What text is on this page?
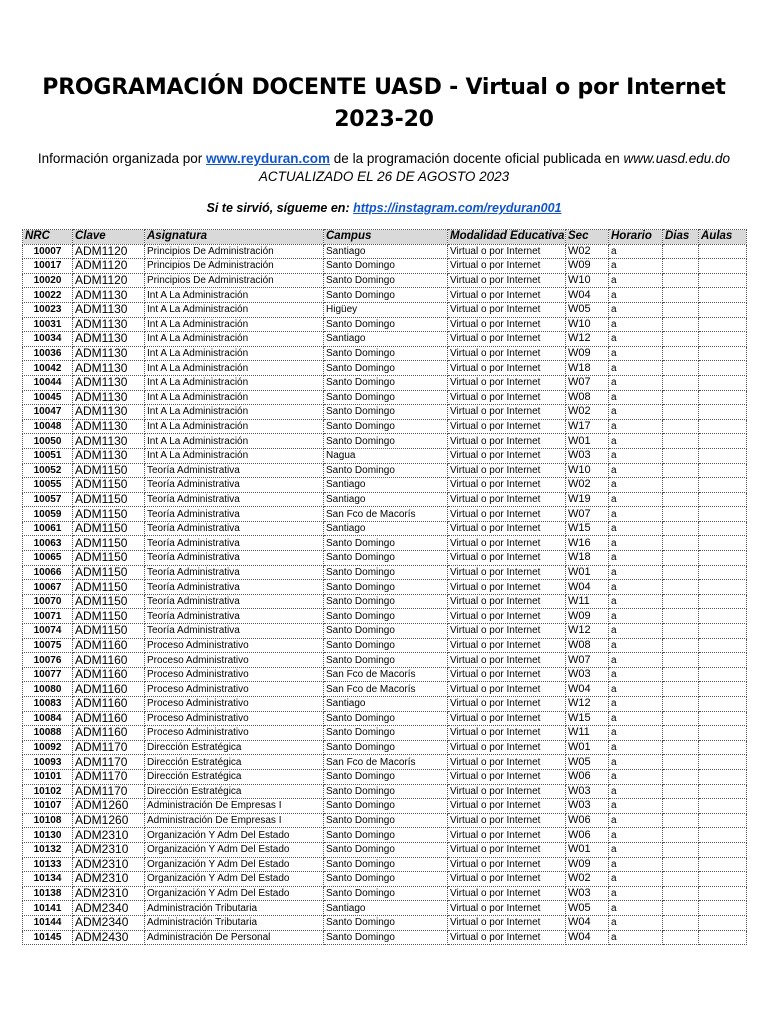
PROGRAMACIÓN DOCENTE UASD - Virtual o por Internet
2023-20
Información organizada por www.reyduran.com de la programación docente oficial publicada en www.uasd.edu.do
ACTUALIZADO EL 26 DE AGOSTO 2023
Si te sirvió, sígueme en: https://instagram.com/reyduran001
NRC	Clave	Asignatura	Campus	Modalidad Educativa	Sec	Horario	Dias	Aulas
10007	ADM1120	Principios De Administración	Santiago	Virtual o por Internet	W02	a		
10017	ADM1120	Principios De Administración	Santo Domingo	Virtual o por Internet	W09	a		
10020	ADM1120	Principios De Administración	Santo Domingo	Virtual o por Internet	W10	a		
10022	ADM1130	Int A La Administración	Santo Domingo	Virtual o por Internet	W04	a		
10023	ADM1130	Int A La Administración	Higüey	Virtual o por Internet	W05	a		
10031	ADM1130	Int A La Administración	Santo Domingo	Virtual o por Internet	W10	a		
10034	ADM1130	Int A La Administración	Santiago	Virtual o por Internet	W12	a		
10036	ADM1130	Int A La Administración	Santo Domingo	Virtual o por Internet	W09	a		
10042	ADM1130	Int A La Administración	Santo Domingo	Virtual o por Internet	W18	a		
10044	ADM1130	Int A La Administración	Santo Domingo	Virtual o por Internet	W07	a		
10045	ADM1130	Int A La Administración	Santo Domingo	Virtual o por Internet	W08	a		
10047	ADM1130	Int A La Administración	Santo Domingo	Virtual o por Internet	W02	a		
10048	ADM1130	Int A La Administración	Santo Domingo	Virtual o por Internet	W17	a		
10050	ADM1130	Int A La Administración	Santo Domingo	Virtual o por Internet	W01	a		
10051	ADM1130	Int A La Administración	Nagua	Virtual o por Internet	W03	a		
10052	ADM1150	Teoría Administrativa	Santo Domingo	Virtual o por Internet	W10	a		
10055	ADM1150	Teoría Administrativa	Santiago	Virtual o por Internet	W02	a		
10057	ADM1150	Teoría Administrativa	Santiago	Virtual o por Internet	W19	a		
10059	ADM1150	Teoría Administrativa	San Fco de Macorís	Virtual o por Internet	W07	a		
10061	ADM1150	Teoría Administrativa	Santiago	Virtual o por Internet	W15	a		
10063	ADM1150	Teoría Administrativa	Santo Domingo	Virtual o por Internet	W16	a		
10065	ADM1150	Teoría Administrativa	Santo Domingo	Virtual o por Internet	W18	a		
10066	ADM1150	Teoría Administrativa	Santo Domingo	Virtual o por Internet	W01	a		
10067	ADM1150	Teoría Administrativa	Santo Domingo	Virtual o por Internet	W04	a		
10070	ADM1150	Teoría Administrativa	Santo Domingo	Virtual o por Internet	W11	a		
10071	ADM1150	Teoría Administrativa	Santo Domingo	Virtual o por Internet	W09	a		
10074	ADM1150	Teoría Administrativa	Santo Domingo	Virtual o por Internet	W12	a		
10075	ADM1160	Proceso Administrativo	Santo Domingo	Virtual o por Internet	W08	a		
10076	ADM1160	Proceso Administrativo	Santo Domingo	Virtual o por Internet	W07	a		
10077	ADM1160	Proceso Administrativo	San Fco de Macorís	Virtual o por Internet	W03	a		
10080	ADM1160	Proceso Administrativo	San Fco de Macorís	Virtual o por Internet	W04	a		
10083	ADM1160	Proceso Administrativo	Santiago	Virtual o por Internet	W12	a		
10084	ADM1160	Proceso Administrativo	Santo Domingo	Virtual o por Internet	W15	a		
10088	ADM1160	Proceso Administrativo	Santo Domingo	Virtual o por Internet	W11	a		
10092	ADM1170	Dirección Estratégica	Santo Domingo	Virtual o por Internet	W01	a		
10093	ADM1170	Dirección Estratégica	San Fco de Macorís	Virtual o por Internet	W05	a		
10101	ADM1170	Dirección Estratégica	Santo Domingo	Virtual o por Internet	W06	a		
10102	ADM1170	Dirección Estratégica	Santo Domingo	Virtual o por Internet	W03	a		
10107	ADM1260	Administración De Empresas I	Santo Domingo	Virtual o por Internet	W03	a		
10108	ADM1260	Administración De Empresas I	Santo Domingo	Virtual o por Internet	W06	a		
10130	ADM2310	Organización Y Adm Del Estado	Santo Domingo	Virtual o por Internet	W06	a		
10132	ADM2310	Organización Y Adm Del Estado	Santo Domingo	Virtual o por Internet	W01	a		
10133	ADM2310	Organización Y Adm Del Estado	Santo Domingo	Virtual o por Internet	W09	a		
10134	ADM2310	Organización Y Adm Del Estado	Santo Domingo	Virtual o por Internet	W02	a		
10138	ADM2310	Organización Y Adm Del Estado	Santo Domingo	Virtual o por Internet	W03	a		
10141	ADM2340	Administración Tributaria	Santiago	Virtual o por Internet	W05	a		
10144	ADM2340	Administración Tributaria	Santo Domingo	Virtual o por Internet	W04	a		
10145	ADM2430	Administración De Personal	Santo Domingo	Virtual o por Internet	W04	a		
